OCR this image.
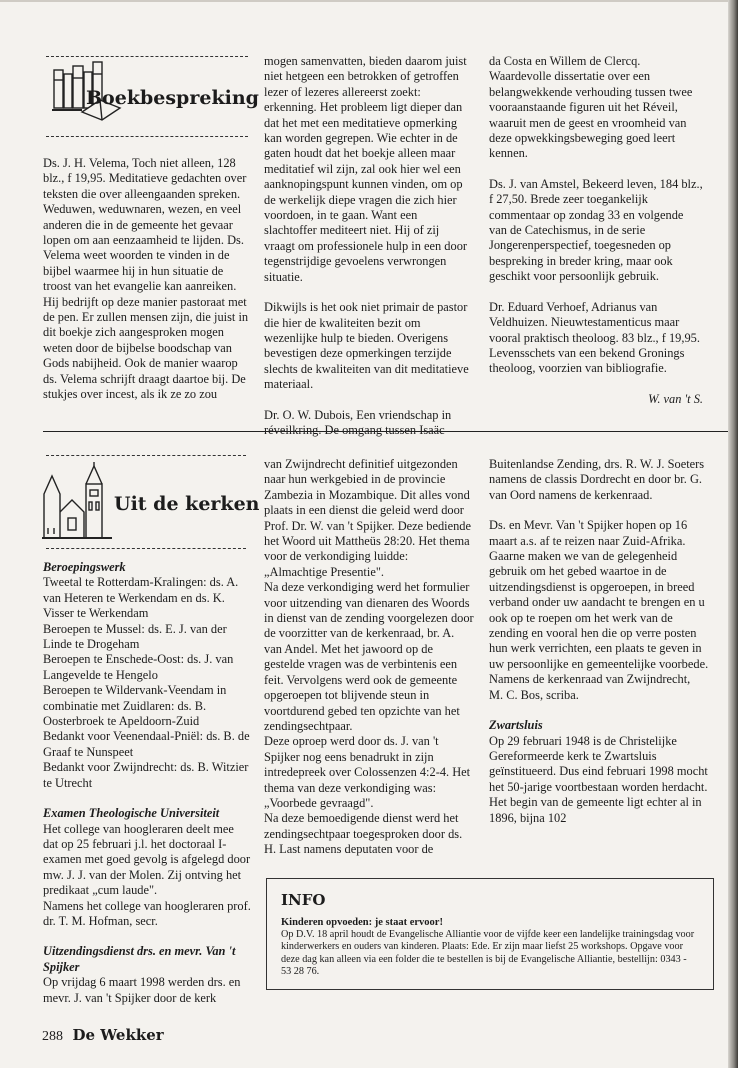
Boekbespreking

Ds. J. H. Velema, Toch niet alleen, 128 blz., f 19,95. Meditatieve gedachten over teksten die over alleengaanden spreken. Weduwen, weduwnaren, wezen, en veel anderen die in de gemeente het gevaar lopen om aan eenzaamheid te lijden. Ds. Velema weet woorden te vinden in de bijbel waarmee hij in hun situatie de troost van het evangelie kan aanreiken. Hij bedrijft op deze manier pastoraat met de pen. Er zullen mensen zijn, die juist in dit boekje zich aangesproken mogen weten door de bijbelse boodschap van Gods nabijheid. Ook de manier waarop ds. Velema schrijft draagt daartoe bij. De stukjes over incest, als ik ze zo zou

mogen samenvatten, bieden daarom juist niet hetgeen een betrokken of getroffen lezer of lezeres allereerst zoekt: erkenning. Het probleem ligt dieper dan dat het met een meditatieve opmerking kan worden gegrepen. Wie echter in de gaten houdt dat het boekje alleen maar meditatief wil zijn, zal ook hier wel een aanknopingspunt kunnen vinden, om op de werkelijk diepe vragen die zich hier voordoen, in te gaan. Want een slachtoffer mediteert niet. Hij of zij vraagt om professionele hulp in een door tegenstrijdige gevoelens verwrongen situatie.

Dikwijls is het ook niet primair de pastor die hier de kwaliteiten bezit om wezenlijke hulp te bieden. Overigens bevestigen deze opmerkingen terzijde slechts de kwaliteiten van dit meditatieve materiaal.

Dr. O. W. Dubois, Een vriendschap in réveilkring. De omgang tussen Isaäc

da Costa en Willem de Clercq. Waardevolle dissertatie over een belangwekkende verhouding tussen twee vooraanstaande figuren uit het Réveil, waaruit men de geest en vroomheid van deze opwekkingsbeweging goed leert kennen.

Ds. J. van Amstel, Bekeerd leven, 184 blz., f 27,50. Brede zeer toegankelijk commentaar op zondag 33 en volgende van de Catechismus, in de serie Jongerenperspectief, toegesneden op bespreking in breder kring, maar ook geschikt voor persoonlijk gebruik.

Dr. Eduard Verhoef, Adrianus van Veldhuizen. Nieuwtestamenticus maar vooral praktisch theoloog. 83 blz., f 19,95. Levensschets van een bekend Gronings theoloog, voorzien van bibliografie.

W. van 't S.

Uit de kerken

Beroepingswerk

Tweetal te Rotterdam-Kralingen: ds. A. van Heteren te Werkendam en ds. K. Visser te Werkendam

Beroepen te Mussel: ds. E. J. van der Linde te Drogeham

Beroepen te Enschede-Oost: ds. J. van Langevelde te Hengelo

Beroepen te Wildervank-Veendam in combinatie met Zuidlaren: ds. B. Oosterbroek te Apeldoorn-Zuid

Bedankt voor Veenendaal-Pniël: ds. B. de Graaf te Nunspeet

Bedankt voor Zwijndrecht: ds. B. Witzier te Utrecht

Examen Theologische Universiteit

Het college van hoogleraren deelt mee dat op 25 februari j.l. het doctoraal I-examen met goed gevolg is afgelegd door mw. J. J. van der Molen. Zij ontving het predikaat „cum laude".

Namens het college van hoogleraren prof. dr. T. M. Hofman, secr.

Uitzendingsdienst drs. en mevr. Van 't Spijker

Op vrijdag 6 maart 1998 werden drs. en mevr. J. van 't Spijker door de kerk

van Zwijndrecht definitief uitgezonden naar hun werkgebied in de provincie Zambezia in Mozambique. Dit alles vond plaats in een dienst die geleid werd door Prof. Dr. W. van 't Spijker. Deze bediende het Woord uit Mattheüs 28:20. Het thema voor de verkondiging luidde: „Almachtige Presentie".

Na deze verkondiging werd het formulier voor uitzending van dienaren des Woords in dienst van de zending voorgelezen door de voorzitter van de kerkenraad, br. A. van Andel. Met het jawoord op de gestelde vragen was de verbintenis een feit. Vervolgens werd ook de gemeente opgeroepen tot blijvende steun in voortdurend gebed ten opzichte van het zendingsechtpaar.

Deze oproep werd door ds. J. van 't Spijker nog eens benadrukt in zijn intredepreek over Colossenzen 4:2-4. Het thema van deze verkondiging was: „Voorbede gevraagd".

Na deze bemoedigende dienst werd het zendingsechtpaar toegesproken door ds. H. Last namens deputaten voor de

Buitenlandse Zending, drs. R. W. J. Soeters namens de classis Dordrecht en door br. G. van Oord namens de kerkenraad.

Ds. en Mevr. Van 't Spijker hopen op 16 maart a.s. af te reizen naar Zuid-Afrika. Gaarne maken we van de gelegenheid gebruik om het gebed waartoe in de uitzendingsdienst is opgeroepen, in breed verband onder uw aandacht te brengen en u ook op te roepen om het werk van de zending en vooral hen die op verre posten hun werk verrichten, een plaats te geven in uw persoonlijke en gemeentelijke voorbede.

Namens de kerkenraad van Zwijndrecht,

M. C. Bos, scriba.

Zwartsluis

Op 29 februari 1948 is de Christelijke Gereformeerde kerk te Zwartsluis geïnstitueerd. Dus eind februari 1998 mocht het 50-jarige voortbestaan worden herdacht. Het begin van de gemeente ligt echter al in 1896, bijna 102

INFO

Kinderen opvoeden: je staat ervoor!

Op D.V. 18 april houdt de Evangelische Alliantie voor de vijfde keer een landelijke trainingsdag voor kinderwerkers en ouders van kinderen. Plaats: Ede. Er zijn maar liefst 25 workshops. Opgave voor deze dag kan alleen via een folder die te bestellen is bij de Evangelische Alliantie, bestellijn: 0343 - 53 28 76.

288 De Wekker
